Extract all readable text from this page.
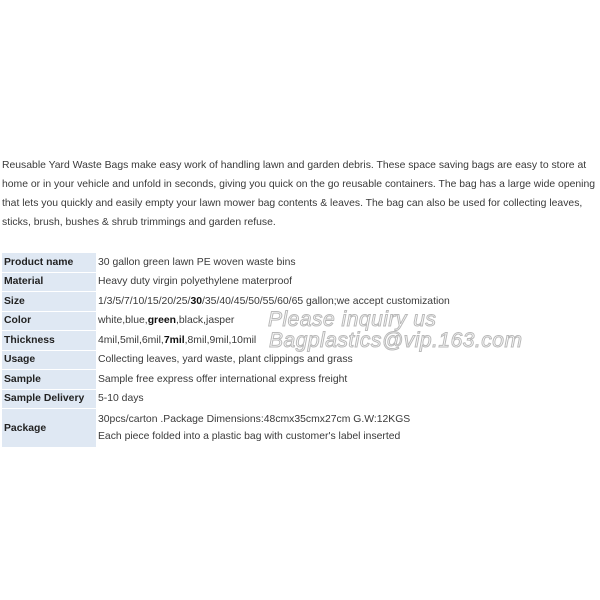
Reusable Yard Waste Bags make easy work of handling lawn and garden debris. These space saving bags are easy to store at home or in your vehicle and unfold in seconds, giving you quick on the go reusable containers. The bag has a large wide opening that lets you quickly and easily empty your lawn mower bag contents & leaves. The bag can also be used for collecting leaves, sticks, brush, bushes & shrub trimmings and garden refuse.

Product name	30 gallon green lawn PE woven waste bins
Material	Heavy duty virgin polyethylene materproof
Size	1/3/5/7/10/15/20/25/30/35/40/45/50/55/60/65 gallon;we accept customization
Color	white,blue,green,black,jasper
Thickness	4mil,5mil,6mil,7mil,8mil,9mil,10mil
Usage	Collecting leaves, yard waste, plant clippings and grass
Sample	Sample free express offer international express freight
Sample Delivery	5-10 days
Package	30pcs/carton .Package Dimensions:48cmx35cmx27cm G.W:12KGS
Each piece folded into a plastic bag with customer's label inserted
Please inquiry us
Bagplastics@vip.163.com
